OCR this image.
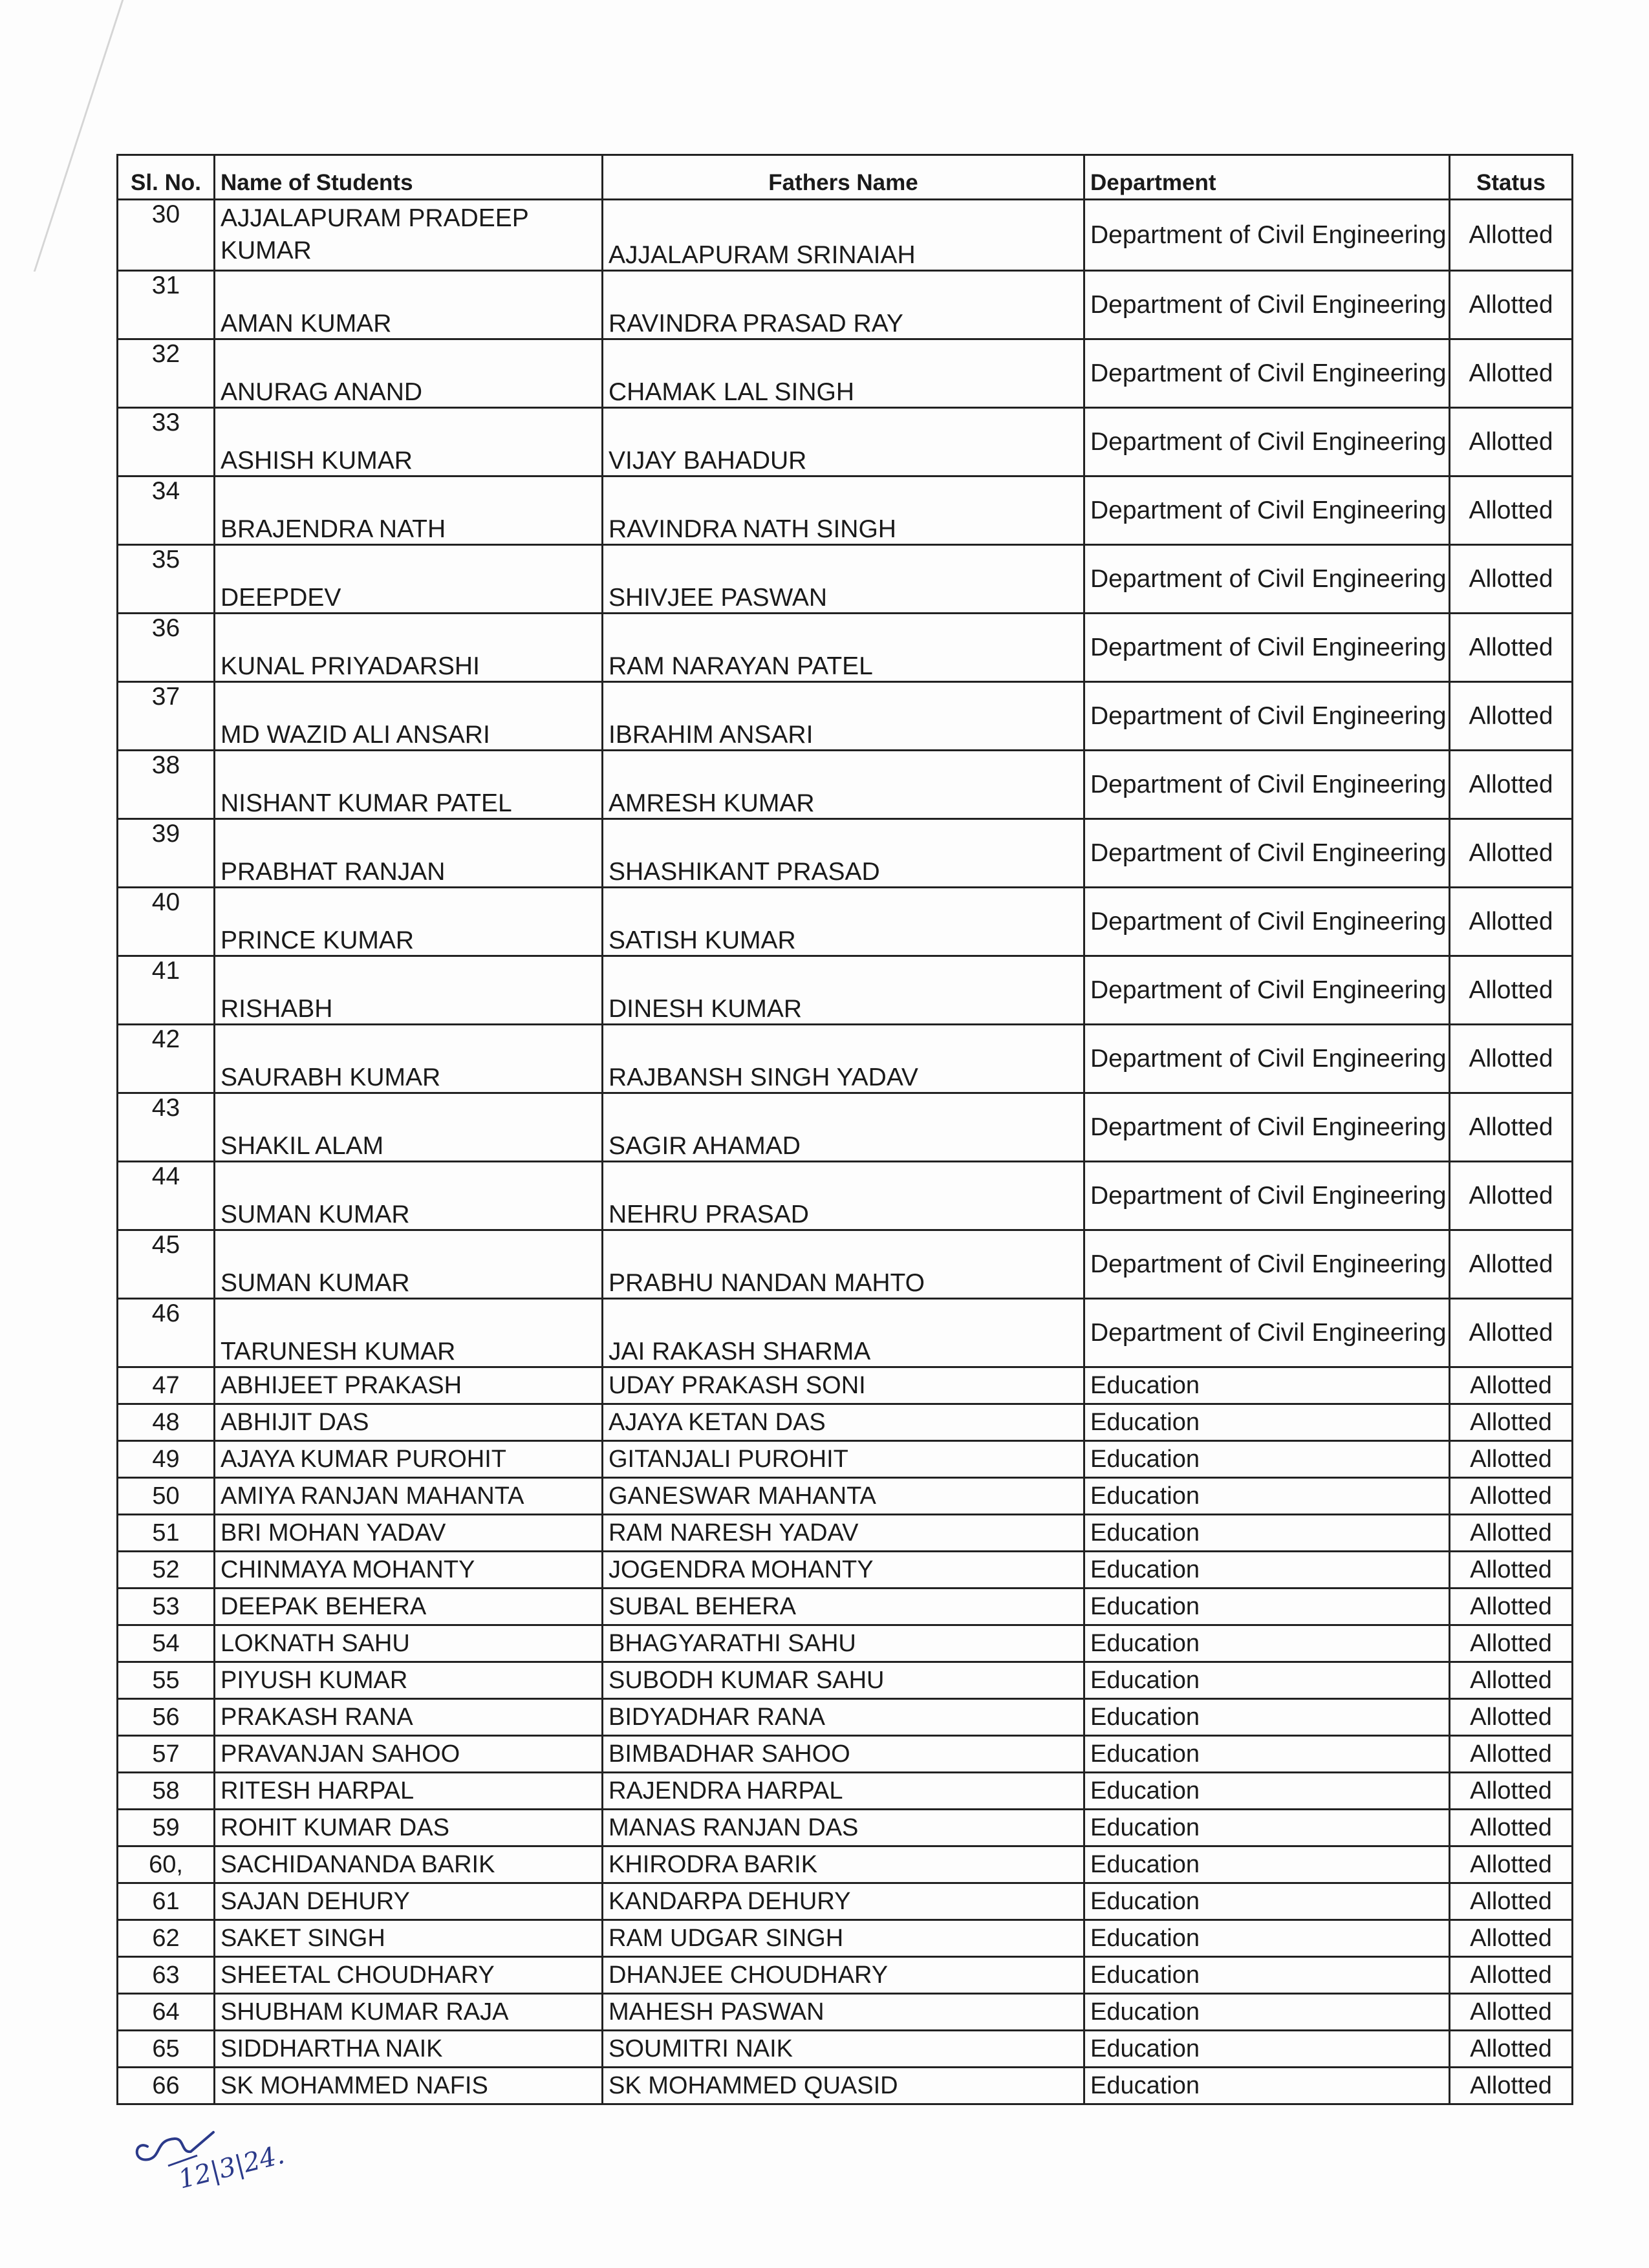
Sl. No.	Name of Students	Fathers Name	Department	Status
30	AJJALAPURAM PRADEEP KUMAR	AJJALAPURAM SRINAIAH	Department of Civil Engineering	Allotted
31	AMAN KUMAR	RAVINDRA PRASAD RAY	Department of Civil Engineering	Allotted
32	ANURAG ANAND	CHAMAK LAL SINGH	Department of Civil Engineering	Allotted
33	ASHISH KUMAR	VIJAY BAHADUR	Department of Civil Engineering	Allotted
34	BRAJENDRA NATH	RAVINDRA NATH SINGH	Department of Civil Engineering	Allotted
35	DEEPDEV	SHIVJEE PASWAN	Department of Civil Engineering	Allotted
36	KUNAL PRIYADARSHI	RAM NARAYAN PATEL	Department of Civil Engineering	Allotted
37	MD WAZID ALI ANSARI	IBRAHIM ANSARI	Department of Civil Engineering	Allotted
38	NISHANT KUMAR PATEL	AMRESH KUMAR	Department of Civil Engineering	Allotted
39	PRABHAT RANJAN	SHASHIKANT PRASAD	Department of Civil Engineering	Allotted
40	PRINCE KUMAR	SATISH KUMAR	Department of Civil Engineering	Allotted
41	RISHABH	DINESH KUMAR	Department of Civil Engineering	Allotted
42	SAURABH KUMAR	RAJBANSH SINGH YADAV	Department of Civil Engineering	Allotted
43	SHAKIL ALAM	SAGIR AHAMAD	Department of Civil Engineering	Allotted
44	SUMAN KUMAR	NEHRU PRASAD	Department of Civil Engineering	Allotted
45	SUMAN KUMAR	PRABHU NANDAN MAHTO	Department of Civil Engineering	Allotted
46	TARUNESH KUMAR	JAI RAKASH SHARMA	Department of Civil Engineering	Allotted
47	ABHIJEET PRAKASH	UDAY PRAKASH SONI	Education	Allotted
48	ABHIJIT DAS	AJAYA KETAN DAS	Education	Allotted
49	AJAYA KUMAR PUROHIT	GITANJALI PUROHIT	Education	Allotted
50	AMIYA RANJAN MAHANTA	GANESWAR MAHANTA	Education	Allotted
51	BRI MOHAN YADAV	RAM NARESH YADAV	Education	Allotted
52	CHINMAYA MOHANTY	JOGENDRA MOHANTY	Education	Allotted
53	DEEPAK BEHERA	SUBAL BEHERA	Education	Allotted
54	LOKNATH SAHU	BHAGYARATHI SAHU	Education	Allotted
55	PIYUSH KUMAR	SUBODH KUMAR SAHU	Education	Allotted
56	PRAKASH RANA	BIDYADHAR RANA	Education	Allotted
57	PRAVANJAN SAHOO	BIMBADHAR SAHOO	Education	Allotted
58	RITESH HARPAL	RAJENDRA HARPAL	Education	Allotted
59	ROHIT KUMAR DAS	MANAS RANJAN DAS	Education	Allotted
60,	SACHIDANANDA BARIK	KHIRODRA BARIK	Education	Allotted
61	SAJAN DEHURY	KANDARPA DEHURY	Education	Allotted
62	SAKET SINGH	RAM UDGAR SINGH	Education	Allotted
63	SHEETAL CHOUDHARY	DHANJEE CHOUDHARY	Education	Allotted
64	SHUBHAM KUMAR RAJA	MAHESH PASWAN	Education	Allotted
65	SIDDHARTHA NAIK	SOUMITRI NAIK	Education	Allotted
66	SK MOHAMMED NAFIS	SK MOHAMMED QUASID	Education	Allotted
12|3|24.
